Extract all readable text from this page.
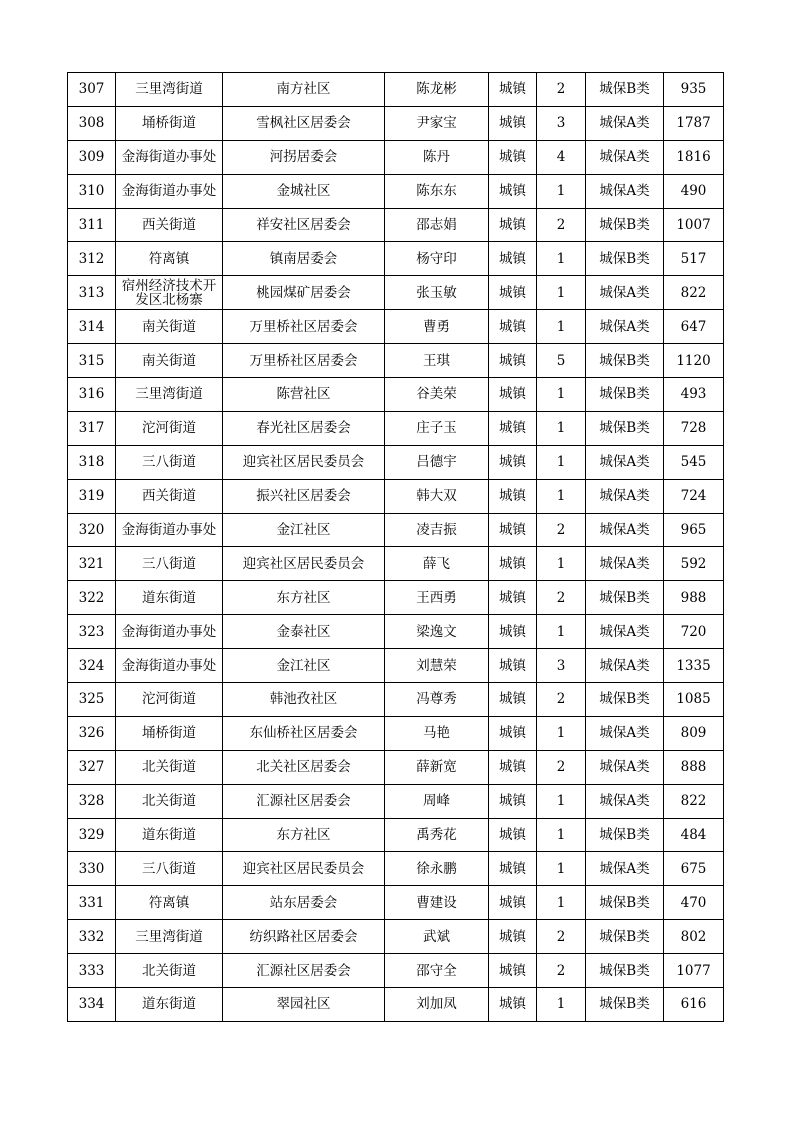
307	三里湾街道	南方社区	陈龙彬	城镇	2	城保B类	935
308	埇桥街道	雪枫社区居委会	尹家宝	城镇	3	城保A类	1787
309	金海街道办事处	河拐居委会	陈丹	城镇	4	城保A类	1816
310	金海街道办事处	金城社区	陈东东	城镇	1	城保A类	490
311	西关街道	祥安社区居委会	邵志娟	城镇	2	城保B类	1007
312	符离镇	镇南居委会	杨守印	城镇	1	城保B类	517
313	宿州经济技术开发区北杨寨	桃园煤矿居委会	张玉敏	城镇	1	城保A类	822
314	南关街道	万里桥社区居委会	曹勇	城镇	1	城保A类	647
315	南关街道	万里桥社区居委会	王琪	城镇	5	城保B类	1120
316	三里湾街道	陈营社区	谷美荣	城镇	1	城保B类	493
317	沱河街道	春光社区居委会	庄子玉	城镇	1	城保B类	728
318	三八街道	迎宾社区居民委员会	吕德宇	城镇	1	城保A类	545
319	西关街道	振兴社区居委会	韩大双	城镇	1	城保A类	724
320	金海街道办事处	金江社区	凌吉振	城镇	2	城保A类	965
321	三八街道	迎宾社区居民委员会	薛飞	城镇	1	城保A类	592
322	道东街道	东方社区	王西勇	城镇	2	城保B类	988
323	金海街道办事处	金泰社区	梁逸文	城镇	1	城保A类	720
324	金海街道办事处	金江社区	刘慧荣	城镇	3	城保A类	1335
325	沱河街道	韩池孜社区	冯尊秀	城镇	2	城保B类	1085
326	埇桥街道	东仙桥社区居委会	马艳	城镇	1	城保A类	809
327	北关街道	北关社区居委会	薛新宽	城镇	2	城保A类	888
328	北关街道	汇源社区居委会	周峰	城镇	1	城保A类	822
329	道东街道	东方社区	禹秀花	城镇	1	城保B类	484
330	三八街道	迎宾社区居民委员会	徐永鹏	城镇	1	城保A类	675
331	符离镇	站东居委会	曹建设	城镇	1	城保B类	470
332	三里湾街道	纺织路社区居委会	武斌	城镇	2	城保B类	802
333	北关街道	汇源社区居委会	邵守全	城镇	2	城保B类	1077
334	道东街道	翠园社区	刘加凤	城镇	1	城保B类	616
